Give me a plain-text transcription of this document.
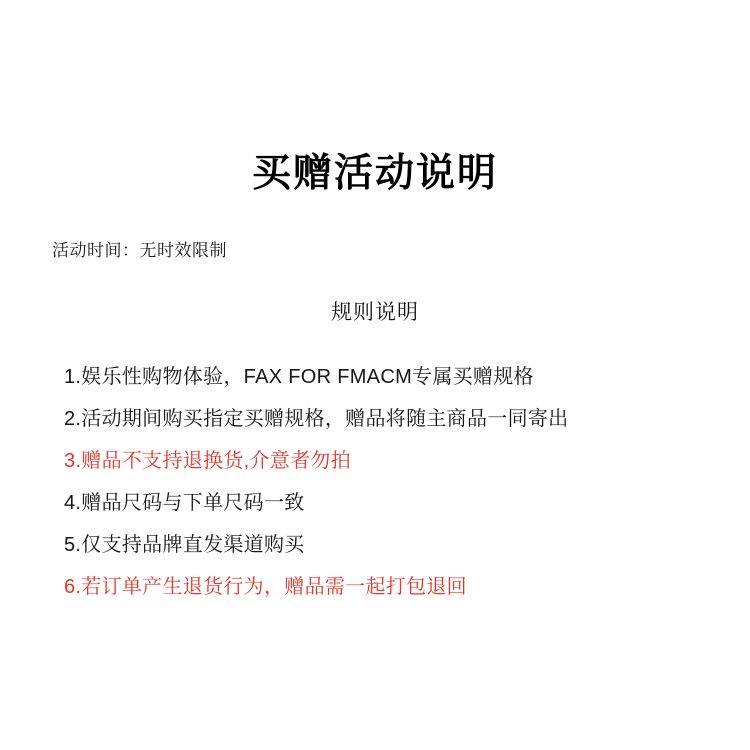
买赠活动说明
活动时间：无时效限制
规则说明
1.娱乐性购物体验，FAX FOR FMACM专属买赠规格
2.活动期间购买指定买赠规格，赠品将随主商品一同寄出
3.赠品不支持退换货,介意者勿拍
4.赠品尺码与下单尺码一致
5.仅支持品牌直发渠道购买
6.若订单产生退货行为，赠品需一起打包退回
